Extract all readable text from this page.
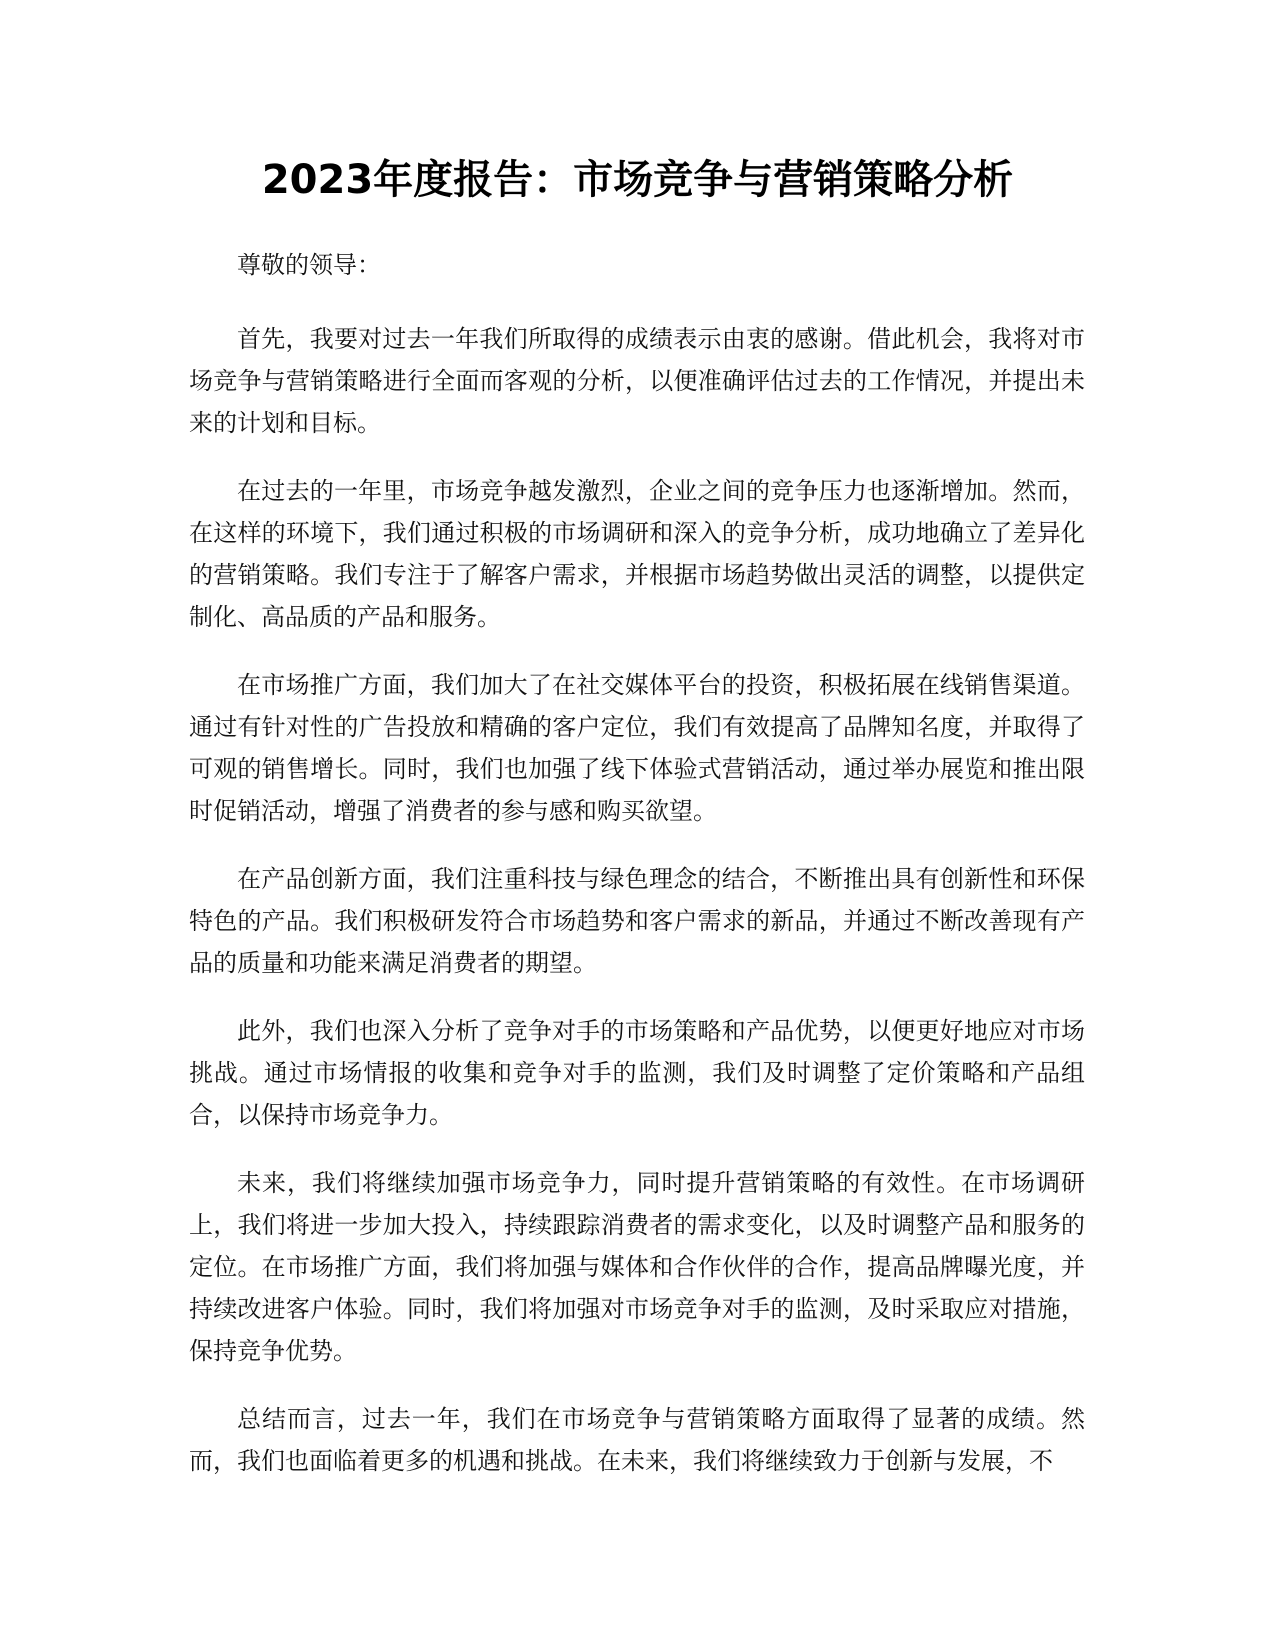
2023年度报告：市场竞争与营销策略分析

尊敬的领导：

首先，我要对过去一年我们所取得的成绩表示由衷的感谢。借此机会，我将对市场竞争与营销策略进行全面而客观的分析，以便准确评估过去的工作情况，并提出未来的计划和目标。

在过去的一年里，市场竞争越发激烈，企业之间的竞争压力也逐渐增加。然而，在这样的环境下，我们通过积极的市场调研和深入的竞争分析，成功地确立了差异化的营销策略。我们专注于了解客户需求，并根据市场趋势做出灵活的调整，以提供定制化、高品质的产品和服务。

在市场推广方面，我们加大了在社交媒体平台的投资，积极拓展在线销售渠道。通过有针对性的广告投放和精确的客户定位，我们有效提高了品牌知名度，并取得了可观的销售增长。同时，我们也加强了线下体验式营销活动，通过举办展览和推出限时促销活动，增强了消费者的参与感和购买欲望。

在产品创新方面，我们注重科技与绿色理念的结合，不断推出具有创新性和环保特色的产品。我们积极研发符合市场趋势和客户需求的新品，并通过不断改善现有产品的质量和功能来满足消费者的期望。

此外，我们也深入分析了竞争对手的市场策略和产品优势，以便更好地应对市场挑战。通过市场情报的收集和竞争对手的监测，我们及时调整了定价策略和产品组合，以保持市场竞争力。

未来，我们将继续加强市场竞争力，同时提升营销策略的有效性。在市场调研上，我们将进一步加大投入，持续跟踪消费者的需求变化，以及时调整产品和服务的定位。在市场推广方面，我们将加强与媒体和合作伙伴的合作，提高品牌曝光度，并持续改进客户体验。同时，我们将加强对市场竞争对手的监测，及时采取应对措施，保持竞争优势。

总结而言，过去一年，我们在市场竞争与营销策略方面取得了显著的成绩。然而，我们也面临着更多的机遇和挑战。在未来，我们将继续致力于创新与发展，不
